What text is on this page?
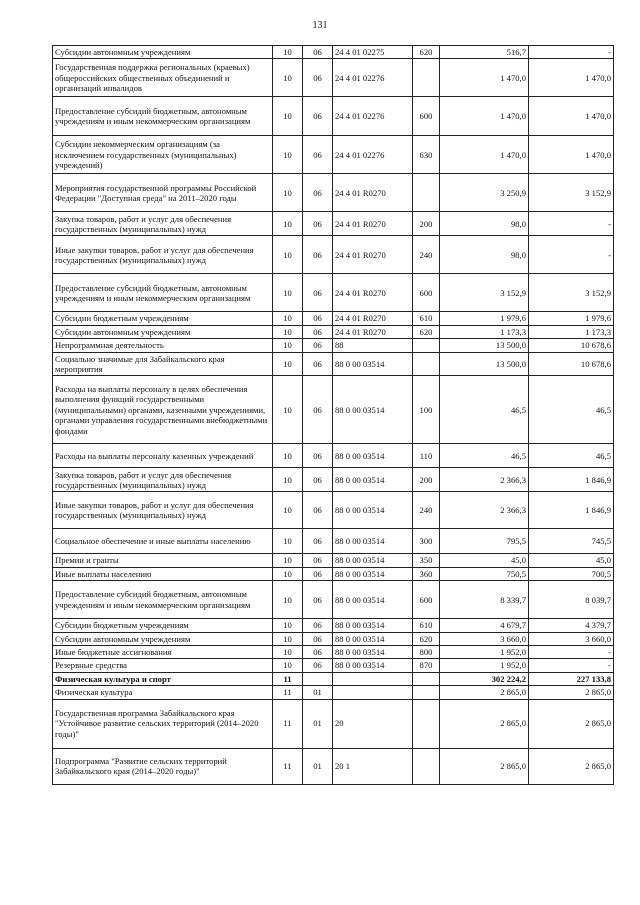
131
Субсидии автономным учреждениям	10	06	24 4 01 02275	620	516,7	-
Государственная поддержка региональных (краевых) общероссийских общественных объединений и организаций инвалидов	10	06	24 4 01 02276		1 470,0	1 470,0
Предоставление субсидий бюджетным, автономным учреждениям и иным некоммерческим организациям	10	06	24 4 01 02276	600	1 470,0	1 470,0
Субсидии некоммерческим организациям (за исключением государственных (муниципальных) учреждений)	10	06	24 4 01 02276	630	1 470,0	1 470,0
Мероприятия государственной программы Российской Федерации "Доступная среда" на 2011–2020 годы	10	06	24 4 01 R0270		3 250,9	3 152,9
Закупка товаров, работ и услуг для обеспечения государственных (муниципальных) нужд	10	06	24 4 01 R0270	200	98,0	-
Иные закупки товаров, работ и услуг для обеспечения государственных (муниципальных) нужд	10	06	24 4 01 R0270	240	98,0	-
Предоставление субсидий бюджетным, автономным учреждениям и иным некоммерческим организациям	10	06	24 4 01 R0270	600	3 152,9	3 152,9
Субсидии бюджетным учреждениям	10	06	24 4 01 R0270	610	1 979,6	1 979,6
Субсидии автономным учреждениям	10	06	24 4 01 R0270	620	1 173,3	1 173,3
Непрограммная деятельность	10	06	88		13 500,0	10 678,6
Социально значимые для Забайкальского края мероприятия	10	06	88 0 00 03514		13 500,0	10 678,6
Расходы на выплаты персоналу в целях обеспечения выполнения функций государственными (муниципальными) органами, казенными учреждениями, органами управления государственными внебюджетными фондами	10	06	88 0 00 03514	100	46,5	46,5
Расходы на выплаты персоналу казенных учреждений	10	06	88 0 00 03514	110	46,5	46,5
Закупка товаров, работ и услуг для обеспечения государственных (муниципальных) нужд	10	06	88 0 00 03514	200	2 366,3	1 846,9
Иные закупки товаров, работ и услуг для обеспечения государственных (муниципальных) нужд	10	06	88 0 00 03514	240	2 366,3	1 846,9
Социальное обеспечение и иные выплаты населению	10	06	88 0 00 03514	300	795,5	745,5
Премии и гранты	10	06	88 0 00 03514	350	45,0	45,0
Иные выплаты населению	10	06	88 0 00 03514	360	750,5	700,5
Предоставление субсидий бюджетным, автономным учреждениям и иным некоммерческим организациям	10	06	88 0 00 03514	600	8 339,7	8 039,7
Субсидии бюджетным учреждениям	10	06	88 0 00 03514	610	4 679,7	4 379,7
Субсидии автономным учреждениям	10	06	88 0 00 03514	620	3 660,0	3 660,0
Иные бюджетные ассигнования	10	06	88 0 00 03514	800	1 952,0	-
Резервные средства	10	06	88 0 00 03514	870	1 952,0	-
Физическая культура и спорт	11				302 224,2	227 133,8
Физическая культура	11	01			2 865,0	2 865,0
Государственная программа Забайкальского края "Устойчивое развитие сельских территорий (2014–2020 годы)"	11	01	20		2 865,0	2 865,0
Подпрограмма "Развитие сельских территорий Забайкальского края (2014–2020 годы)"	11	01	20 1		2 865,0	2 865,0
